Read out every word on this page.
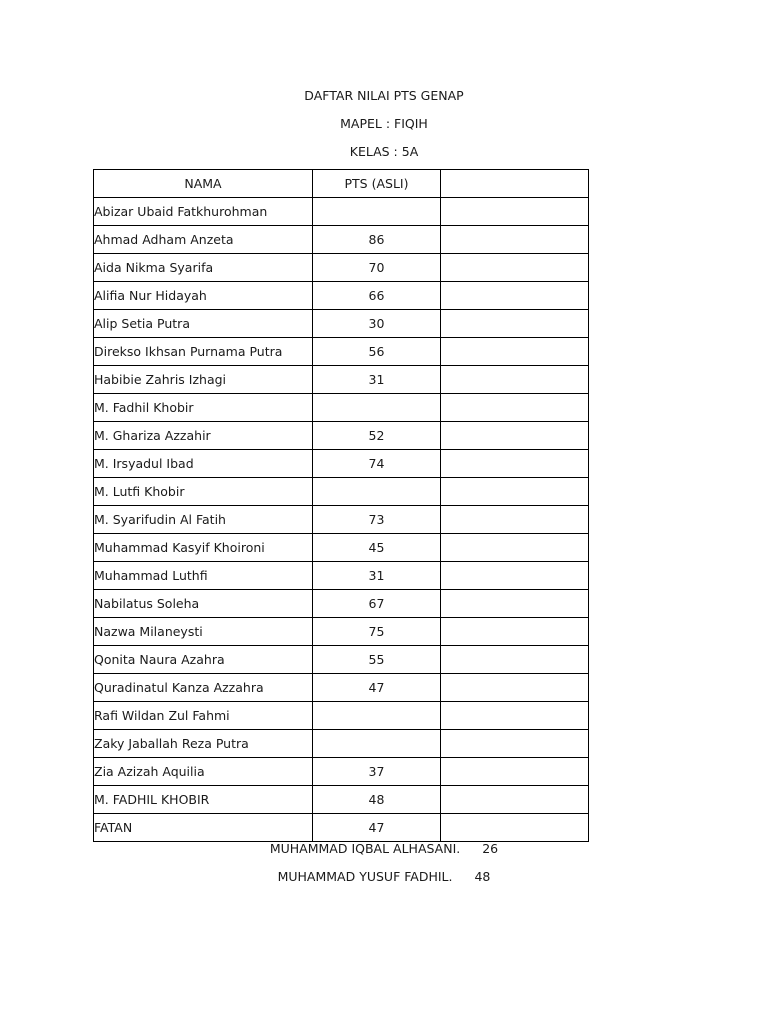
DAFTAR NILAI PTS GENAP
MAPEL : FIQIH
KELAS : 5A
NAMA	PTS (ASLI)	
Abizar Ubaid Fatkhurohman		
Ahmad Adham Anzeta	86	
Aida Nikma Syarifa	70	
Alifia Nur Hidayah	66	
Alip Setia Putra	30	
Direkso Ikhsan Purnama Putra	56	
Habibie Zahris Izhagi	31	
M. Fadhil Khobir		
M. Ghariza Azzahir	52	
M. Irsyadul Ibad	74	
M. Lutfi Khobir		
M. Syarifudin Al Fatih	73	
Muhammad Kasyif Khoironi	45	
Muhammad Luthfi	31	
Nabilatus Soleha	67	
Nazwa Milaneysti	75	
Qonita Naura Azahra	55	
Quradinatul Kanza Azzahra	47	
Rafi Wildan Zul Fahmi		
Zaky Jaballah Reza Putra		
Zia Azizah Aquilia	37	
M. FADHIL KHOBIR	48	
FATAN	47	
MUHAMMAD IQBAL ALHASANI. 26
MUHAMMAD YUSUF FADHIL. 48
